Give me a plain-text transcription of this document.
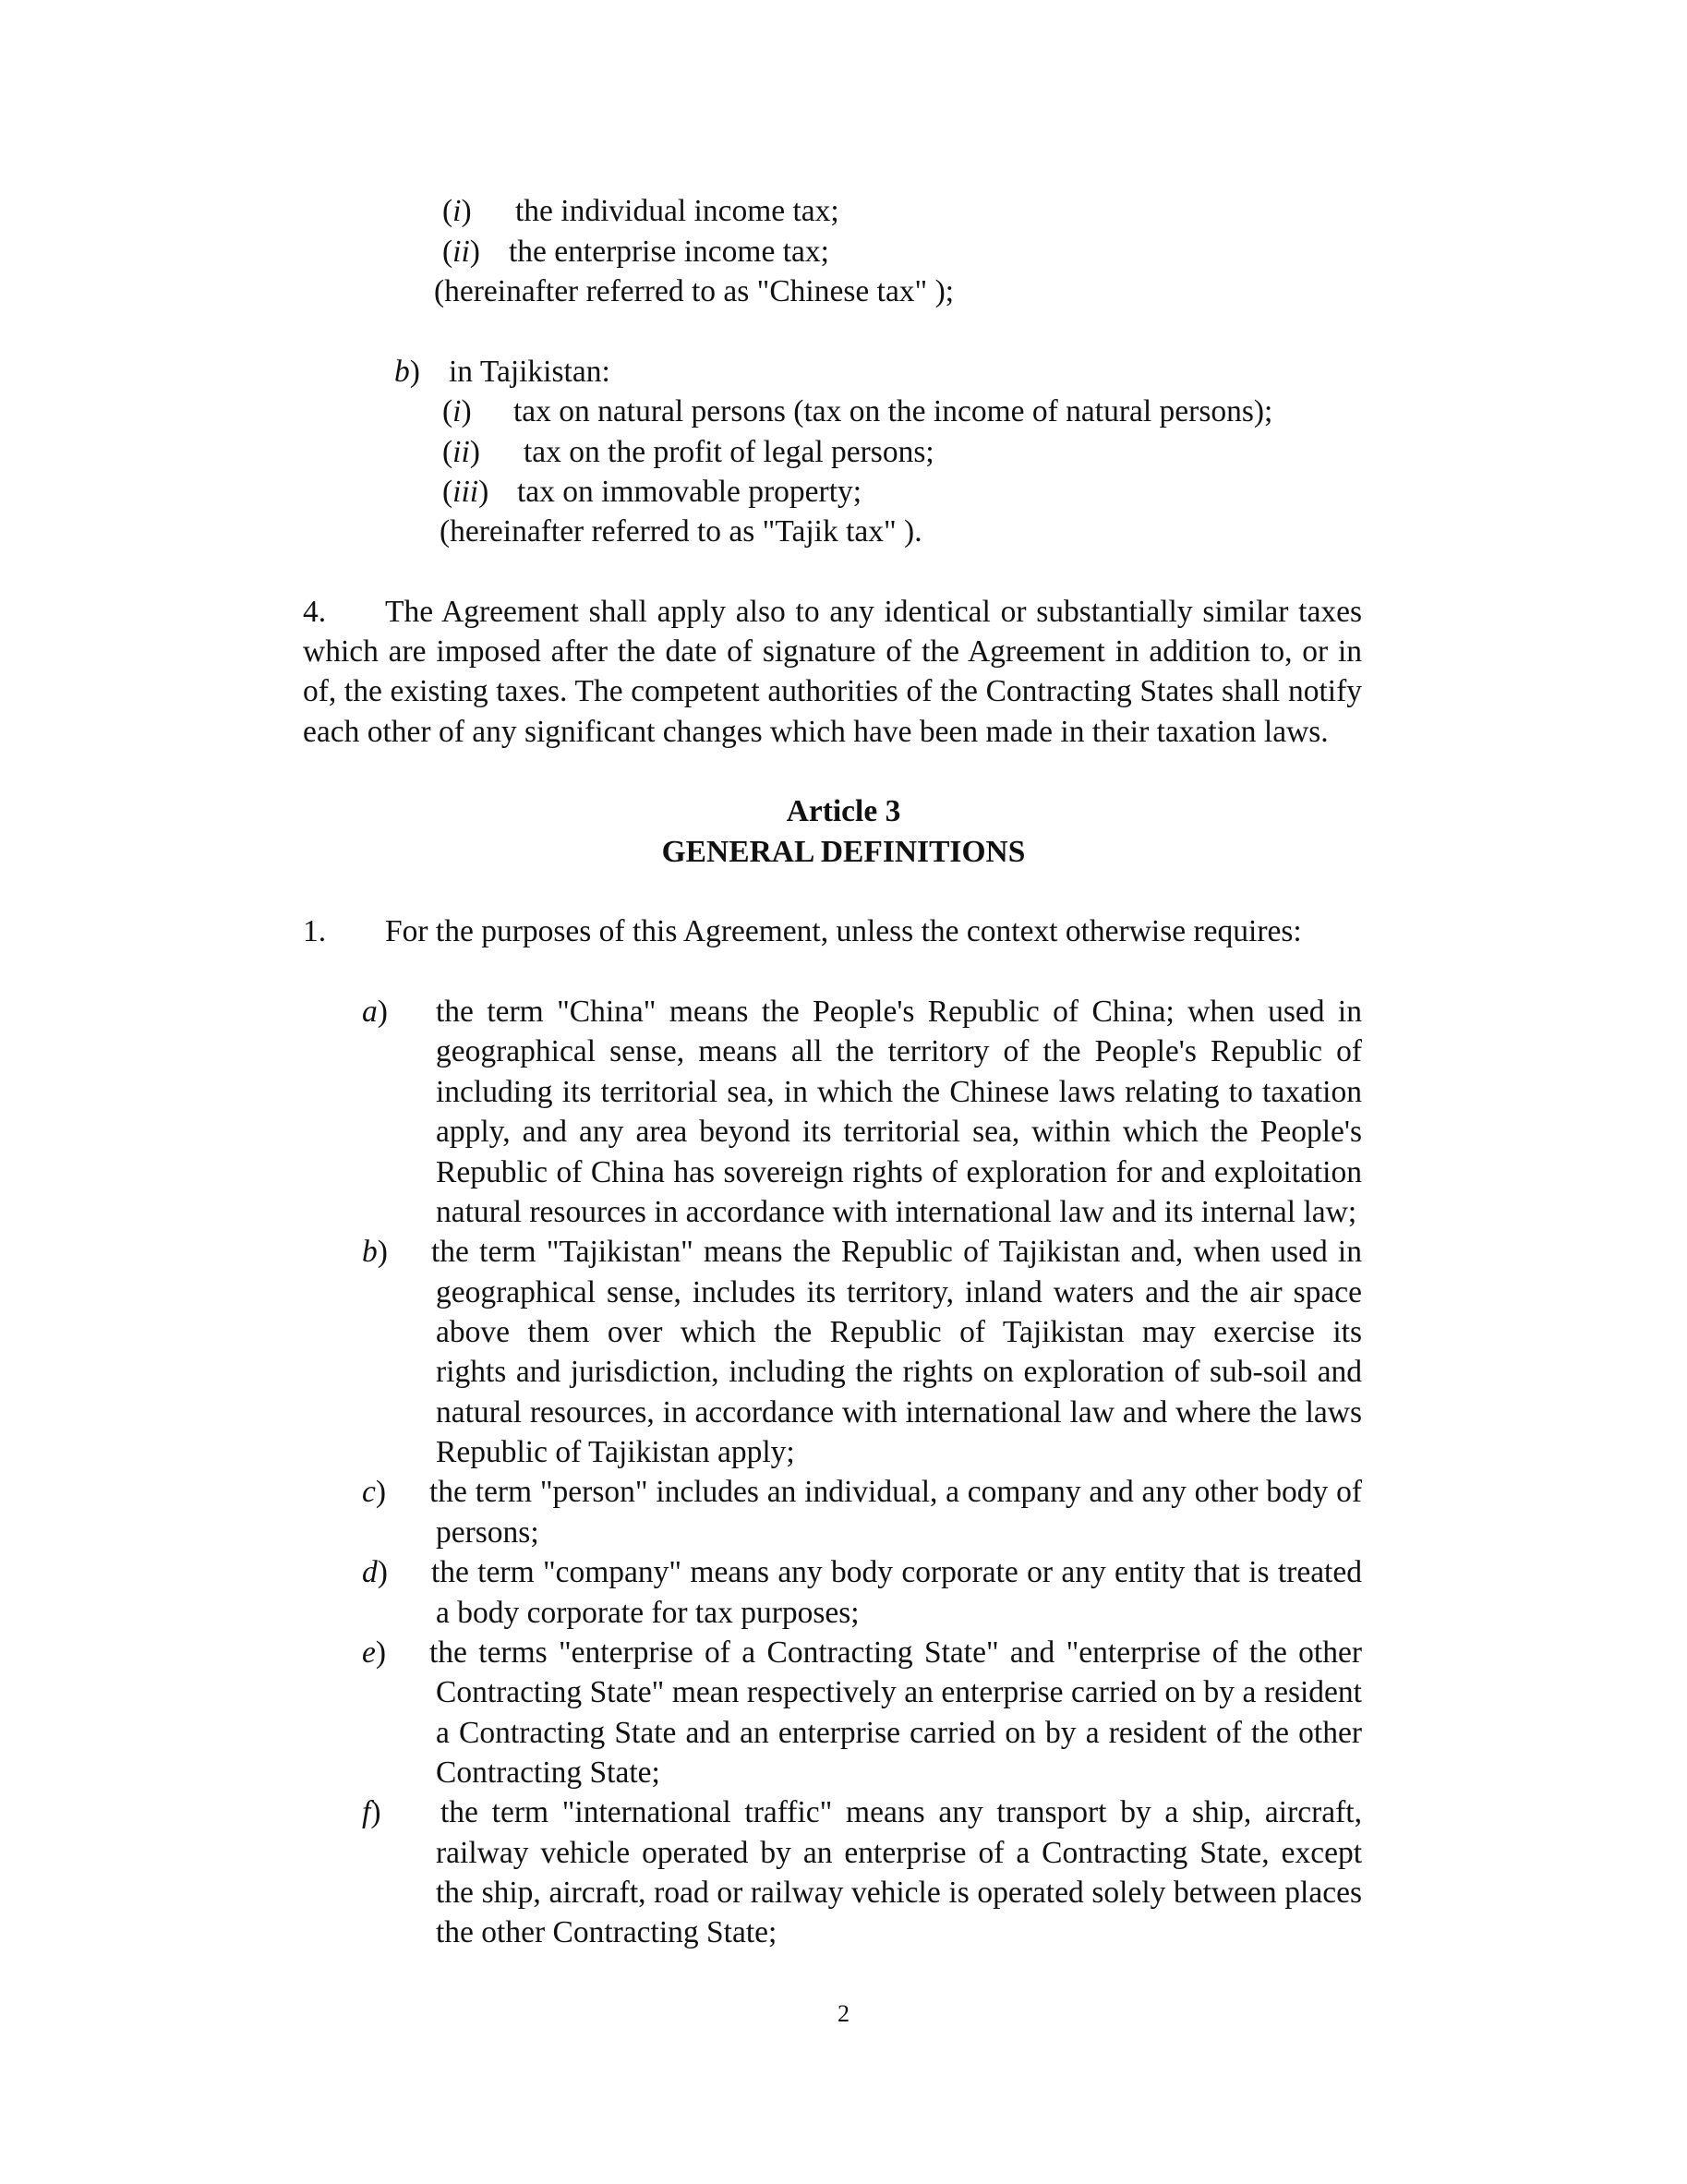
(i) the individual income tax;
(ii) the enterprise income tax;
(hereinafter referred to as "Chinese tax" );
b) in Tajikistan:
(i) tax on natural persons (tax on the income of natural persons);
(ii) tax on the profit of legal persons;
(iii) tax on immovable property;
(hereinafter referred to as "Tajik tax" ).
4. The Agreement shall apply also to any identical or substantially similar taxes
which are imposed after the date of signature of the Agreement in addition to, or in
of, the existing taxes. The competent authorities of the Contracting States shall notify
each other of any significant changes which have been made in their taxation laws.
Article 3
GENERAL DEFINITIONS
1. For the purposes of this Agreement, unless the context otherwise requires:
a) the term "China" means the People's Republic of China; when used in
geographical sense, means all the territory of the People's Republic of
including its territorial sea, in which the Chinese laws relating to taxation
apply, and any area beyond its territorial sea, within which the People's
Republic of China has sovereign rights of exploration for and exploitation
natural resources in accordance with international law and its internal law;
b) the term "Tajikistan" means the Republic of Tajikistan and, when used in
geographical sense, includes its territory, inland waters and the air space
above them over which the Republic of Tajikistan may exercise its
rights and jurisdiction, including the rights on exploration of sub-soil and
natural resources, in accordance with international law and where the laws
Republic of Tajikistan apply;
c) the term "person" includes an individual, a company and any other body of
persons;
d) the term "company" means any body corporate or any entity that is treated
a body corporate for tax purposes;
e) the terms "enterprise of a Contracting State" and "enterprise of the other
Contracting State" mean respectively an enterprise carried on by a resident
a Contracting State and an enterprise carried on by a resident of the other
Contracting State;
f) the term "international traffic" means any transport by a ship, aircraft,
railway vehicle operated by an enterprise of a Contracting State, except
the ship, aircraft, road or railway vehicle is operated solely between places
the other Contracting State;
2
